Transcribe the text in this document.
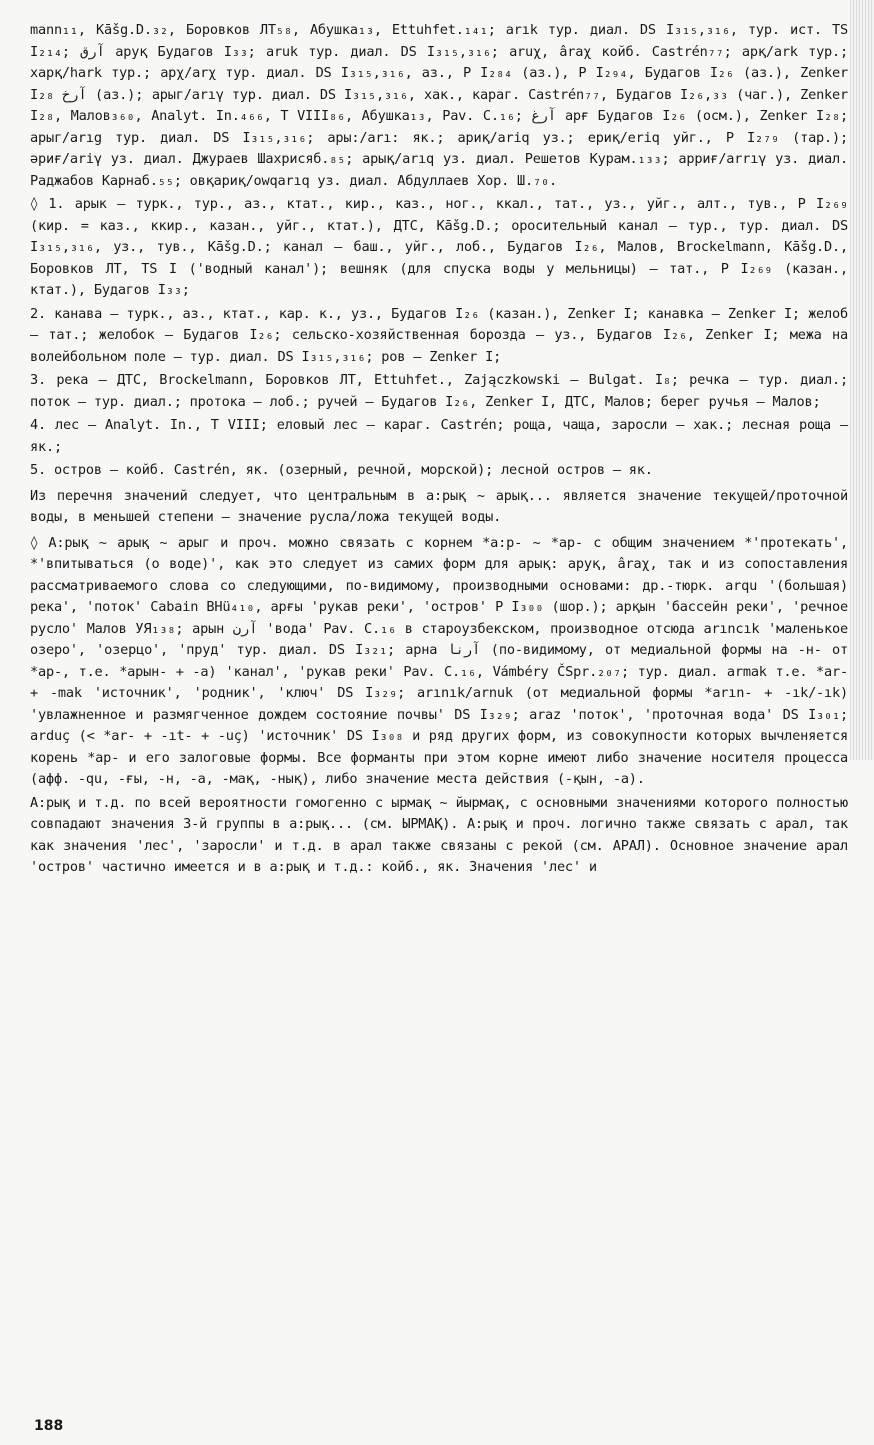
mann₁₁, Kāšg.D.₃₂, Боровков ЛТ₅₈, Абушка₁₃, Ettuhfet.₁₄₁; arık тур. диал. DS I₃₁₅,₃₁₆, тур. ист. TS I₂₁₄; آرق аруқ Будагов I₃₃; aruk тур. диал. DS I₃₁₅,₃₁₆; aruχ, ârаχ койб. Castrén₇₇; арқ/ark тур.; харқ/hark тур.; арχ/arχ тур. диал. DS I₃₁₅,₃₁₆, аз., P I₂₈₄ (аз.), P I₂₉₄, Будагов I₂₆ (аз.), Zenker I₂₈ آرخ (аз.); арыг/arıγ тур. диал. DS I₃₁₅,₃₁₆, хак., караг. Castrén₇₇, Будагов I₂₆,₃₃ (чаг.), Zenker I₂₈, Малов₃₆₀, Analyt. In.₄₆₆, T VIII₈₆, Абушка₁₃, Pav. C.₁₆; آرغ арғ Будагов I₂₆ (осм.), Zenker I₂₈; арыг/arıg тур. диал. DS I₃₁₅,₃₁₆; ары:/arı: як.; ариқ/ariq уз.; ериқ/eriq уйг., P I₂₇₉ (тар.); әриғ/ariγ уз. диал. Джураев Шахрисяб.₈₅; арық/arıq уз. диал. Решетов Курам.₁₃₃; арриғ/arrıγ уз. диал. Раджабов Карнаб.₅₅; овқариқ/owqarıq уз. диал. Абдуллаев Хор. Ш.₇₀.

◊ 1. арык – турк., тур., аз., ктат., кир., каз., ног., ккал., тат., уз., уйг., алт., тув., P I₂₆₉ (кир. = каз., ккир., казан., уйг., ктат.), ДТС, Kāšg.D.; оросительный канал – тур., тур. диал. DS I₃₁₅,₃₁₆, уз., тув., Kāšg.D.; канал – баш., уйг., лоб., Будагов I₂₆, Малов, Brockelmann, Kāšg.D., Боровков ЛТ, TS I ('водный канал'); вешняк (для спуска воды у мельницы) – тат., P I₂₆₉ (казан., ктат.), Будагов I₃₃;

2. канава – турк., аз., ктат., кар. к., уз., Будагов I₂₆ (казан.), Zenker I; канавка – Zenker I; желоб – тат.; желобок – Будагов I₂₆; сельско-хозяйственная борозда – уз., Будагов I₂₆, Zenker I; межа на волейбольном поле – тур. диал. DS I₃₁₅,₃₁₆; ров – Zenker I;

3. река – ДТС, Brockelmann, Боровков ЛТ, Ettuhfet., Zajączkowski – Bulgat. I₈; речка – тур. диал.; поток – тур. диал.; протока – лоб.; ручей – Будагов I₂₆, Zenker I, ДТС, Малов; берег ручья – Малов;

4. лес – Analyt. In., T VIII; еловый лес – караг. Castrén; роща, чаща, заросли – хак.; лесная роща – як.;

5. остров – койб. Castrén, як. (озерный, речной, морской); лесной остров – як.

Из перечня значений следует, что центральным в а:рық ~ арық... является значение текущей/проточной воды, в меньшей степени – значение русла/ложа текущей воды.

◊ А:рық ~ арық ~ арыг и проч. можно связать с корнем *а:р- ~ *ар- с общим значением *'протекать', *'впитываться (о воде)', как это следует из самих форм для арық: аруқ, ârаχ, так и из сопоставления рассматриваемого слова со следующими, по-видимому, производными основами: др.-тюрк. arqu '(большая) река', 'поток' Cabain BHü₄₁₀, арғы 'рукав реки', 'остров' P I₃₀₀ (шор.); арқын 'бассейн реки', 'речное русло' Малов УЯ₁₃₈; арын آرن 'вода' Pav. C.₁₆ в староузбекском, производное отсюда arıncık 'маленькое озеро', 'озерцо', 'пруд' тур. диал. DS I₃₂₁; арна آرنا (по-видимому, от медиальной формы на -н- от *ар-, т.е. *арын- + -а) 'канал', 'рукав реки' Pav. C.₁₆, Vámbéry ČSpr.₂₀₇; тур. диал. armak т.е. *ar- + -mak 'источник', 'родник', 'ключ' DS I₃₂₉; arınık/arnuk (от медиальной формы *arın- + -ık/-ık) 'увлажненное и размягченное дождем состояние почвы' DS I₃₂₉; araz 'поток', 'проточная вода' DS I₃₀₁; arduç (< *ar- + -ıt- + -uç) 'источник' DS I₃₀₈ и ряд других форм, из совокупности которых вычленяется корень *ар- и его залоговые формы. Все форманты при этом корне имеют либо значение носителя процесса (афф. -qu, -ғы, -н, -а, -мақ, -нық), либо значение места действия (-қын, -а).

А:рық и т.д. по всей вероятности гомогенно с ырмақ ~ йырмақ, с основными значениями которого полностью совпадают значения 3-й группы в а:рық... (см. ЫРМАҚ). А:рық и проч. логично также связать с арал, так как значения 'лес', 'заросли' и т.д. в арал также связаны с рекой (см. АРАЛ). Основное значение арал 'остров' частично имеется и в а:рық и т.д.: койб., як. Значения 'лес' и

188
